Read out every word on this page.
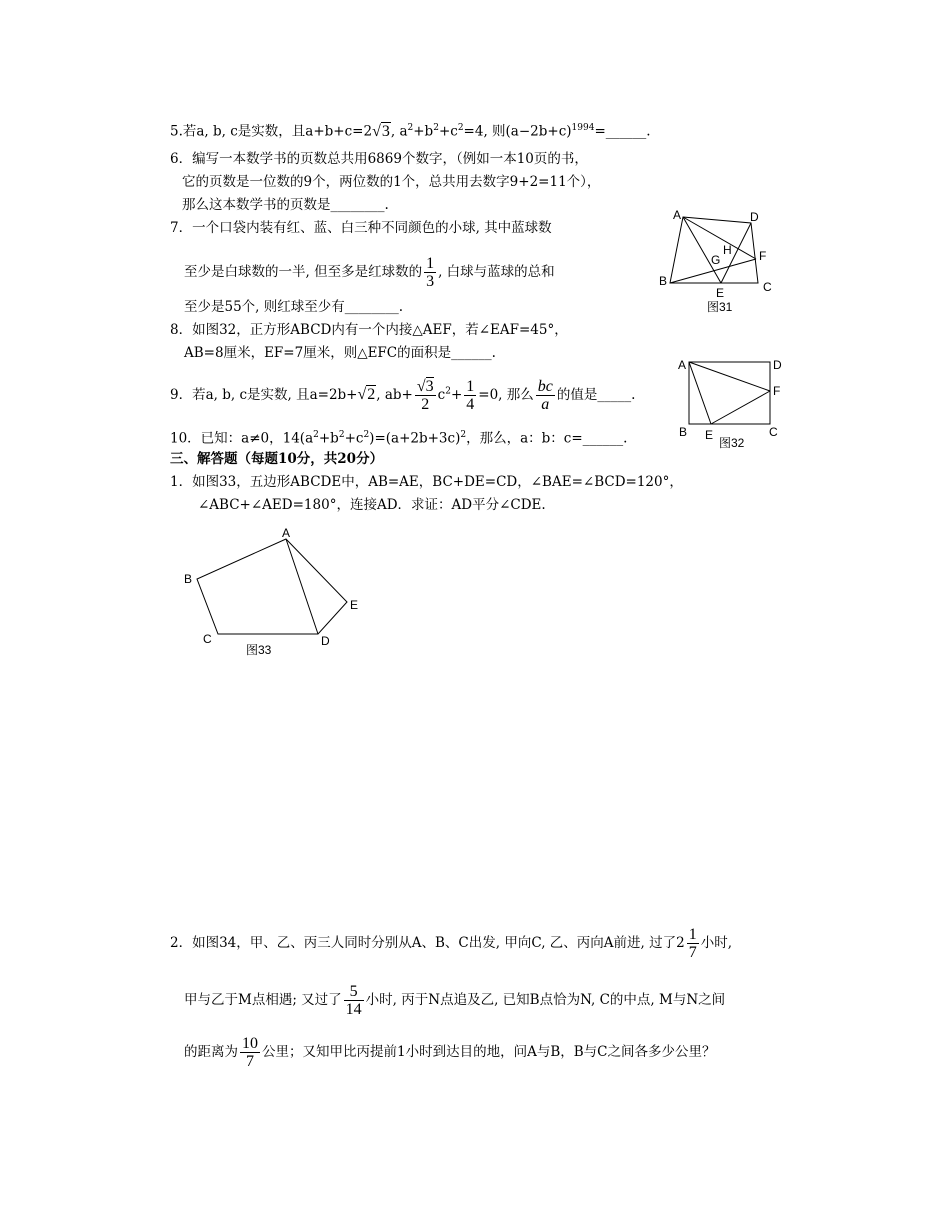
5.若a, b, c是实数，且a+b+c=2√3, $a^2+b^2+c^2=4$, 则$(a-2b+c)^{1994}=\_\_\_\_\_\_$.
6．编写一本数学书的页数总共用6869个数字，（例如一本10页的书，
它的页数是一位数的9个，两位数的1个，总共用去数字9+2=11个），
那么这本数学书的页数是________.
7．一个口袋内装有红、蓝、白三种不同颜色的小球, 其中蓝球数
至少是白球数的一半, 但至多是红球数的 $\frac{1}{3}$ , 白球与蓝球的总和
至少是55个, 则红球至少有________.
8．如图32，正方形ABCD内有一个内接△AEF，若∠EAF=45°，
AB=8厘米，EF=7厘米，则△EFC的面积是______.
9．若a, b, c是实数, 且a=2b+√2, $ab+ \frac{√3}{2} c^2+ \frac{1}{4} =0$, 那么 $\frac{bc}{a}$ 的值是_____.
10．已知：a≠0，$14(a^2+b^2+c^2)=(a+2b+3c)^2$，那么，a：b：c=______.
三、解答题（每题10分，共20分）
1．如图33，五边形ABCDE中，AB=AE，BC+DE=CD，∠BAE=∠BCD=120°，
∠ABC+∠AED=180°，连接AD．求证：AD平分∠CDE.
2．如图34，甲、乙、丙三人同时分别从A、B、C出发, 甲向C, 乙、丙向A前进, 过了$2 \frac{1}{7}$ 小时,
甲与乙于M点相遇; 又过了 $\frac{5}{14}$ 小时, 丙于N点追及乙, 已知B点恰为N, C的中点, M与N之间
的距离为 $\frac{10}{7}$ 公里；又知甲比丙提前1小时到达目的地，问A与B，B与C之间各多少公里？
A	D
H
G	F
B
E	C
图31
A	D
F
B E	C
图32
A
B
E
C	D
图33
